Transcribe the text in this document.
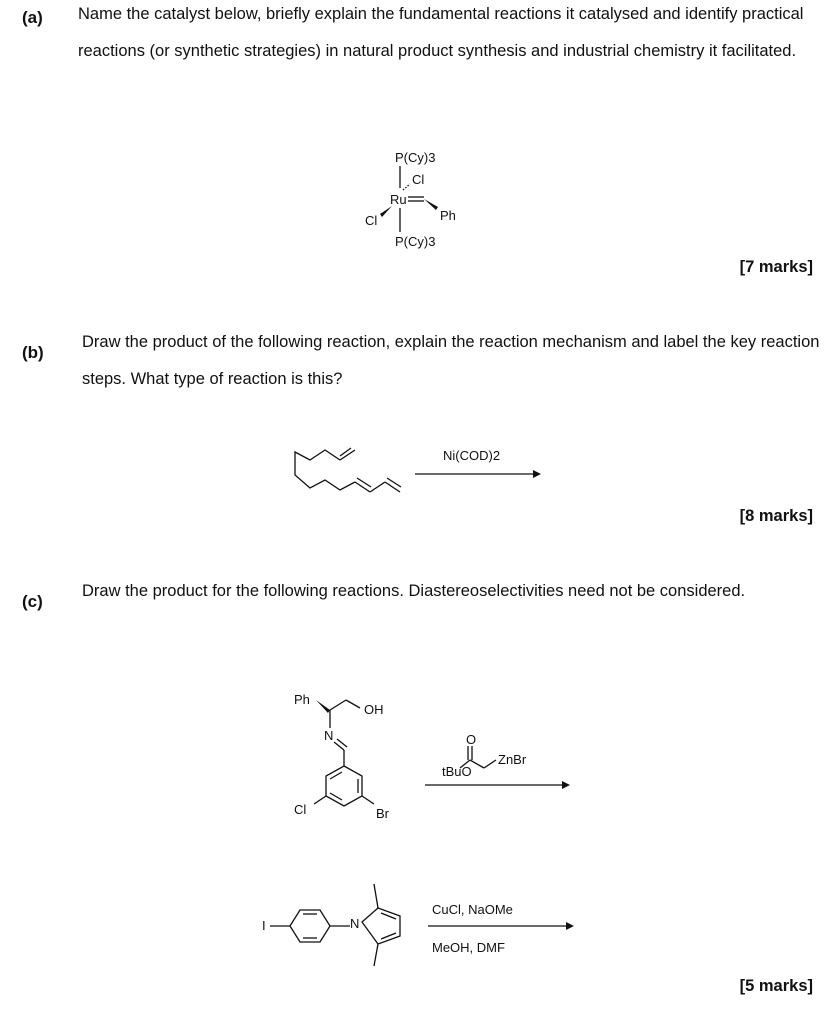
(a) Name the catalyst below, briefly explain the fundamental reactions it catalysed and identify practical reactions (or synthetic strategies) in natural product synthesis and industrial chemistry it facilitated.
P(Cy)3
Cl
Ru
Cl	Ph
P(Cy)3
[7 marks]
(b)
Draw the product of the following reaction, explain the reaction mechanism and label the key reaction steps. What type of reaction is this?
Ni(COD)2
[8 marks]
(c)
Draw the product for the following reactions. Diastereoselectivities need not be considered.
Ph
OH
N
Cl	Br
tBuO
O
ZnBr
I	N
CuCl, NaOMe
MeOH, DMF
[5 marks]
